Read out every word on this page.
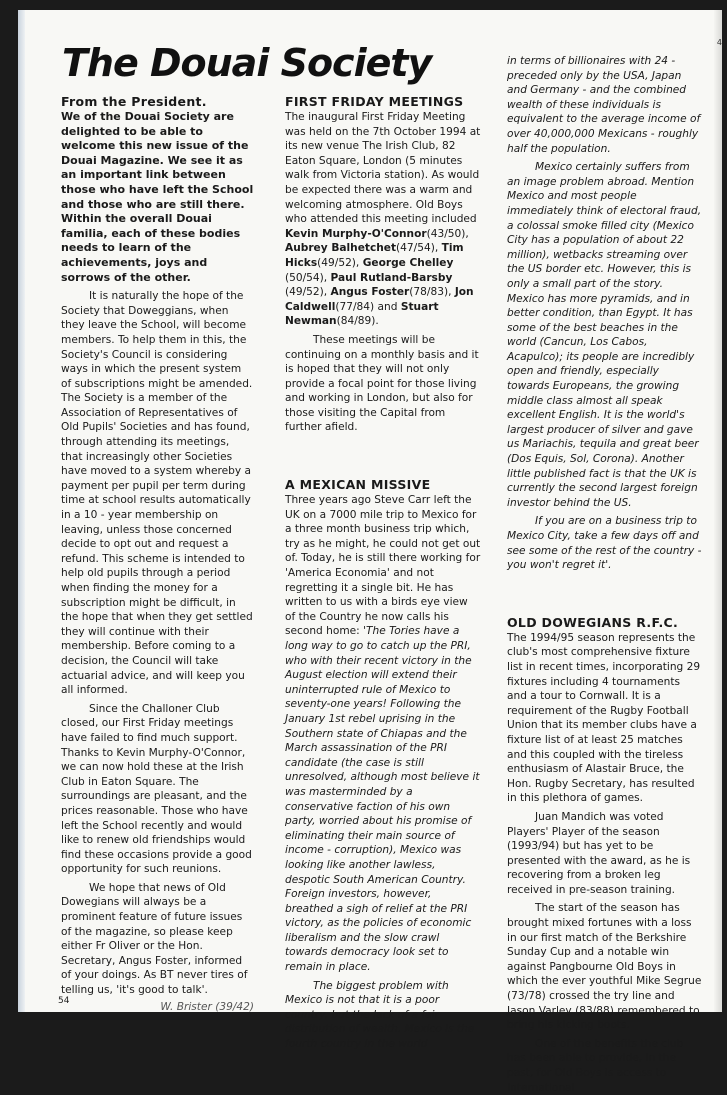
4
The Douai Society

From the President.

We of the Douai Society are delighted to be able to welcome this new issue of the Douai Magazine. We see it as an important link between those who have left the School and those who are still there. Within the overall Douai familia, each of these bodies needs to learn of the achievements, joys and sorrows of the other.

It is naturally the hope of the Society that Doweggians, when they leave the School, will become members. To help them in this, the Society's Council is considering ways in which the present system of subscriptions might be amended. The Society is a member of the Association of Representatives of Old Pupils' Societies and has found, through attending its meetings, that increasingly other Societies have moved to a system whereby a payment per pupil per term during time at school results automatically in a 10 - year membership on leaving, unless those concerned decide to opt out and request a refund. This scheme is intended to help old pupils through a period when finding the money for a subscription might be difficult, in the hope that when they get settled they will continue with their membership. Before coming to a decision, the Council will take actuarial advice, and will keep you all informed.

Since the Challoner Club closed, our First Friday meetings have failed to find much support. Thanks to Kevin Murphy-O'Connor, we can now hold these at the Irish Club in Eaton Square. The surroundings are pleasant, and the prices reasonable. Those who have left the School recently and would like to renew old friendships would find these occasions provide a good opportunity for such reunions.

We hope that news of Old Dowegians will always be a prominent feature of future issues of the magazine, so please keep either Fr Oliver or the Hon. Secretary, Angus Foster, informed of your doings. As BT never tires of telling us, 'it's good to talk'.

W. Brister (39/42)

FIRST FRIDAY MEETINGS

The inaugural First Friday Meeting was held on the 7th October 1994 at its new venue The Irish Club, 82 Eaton Square, London (5 minutes walk from Victoria station). As would be expected there was a warm and welcoming atmosphere. Old Boys who attended this meeting included Kevin Murphy-O'Connor(43/50), Aubrey Balhetchet(47/54), Tim Hicks(49/52), George Chelley (50/54), Paul Rutland-Barsby (49/52), Angus Foster(78/83), Jon Caldwell(77/84) and Stuart Newman(84/89).

These meetings will be continuing on a monthly basis and it is hoped that they will not only provide a focal point for those living and working in London, but also for those visiting the Capital from further afield.

A MEXICAN MISSIVE

Three years ago Steve Carr left the UK on a 7000 mile trip to Mexico for a three month business trip which, try as he might, he could not get out of. Today, he is still there working for 'America Economia' and not regretting it a single bit. He has written to us with a birds eye view of the Country he now calls his second home: 'The Tories have a long way to go to catch up the PRI, who with their recent victory in the August election will extend their uninterrupted rule of Mexico to seventy-one years! Following the January 1st rebel uprising in the Southern state of Chiapas and the March assassination of the PRI candidate (the case is still unresolved, although most believe it was masterminded by a conservative faction of his own party, worried about his promise of eliminating their main source of income - corruption), Mexico was looking like another lawless, despotic South American Country. Foreign investors, however, breathed a sigh of relief at the PRI victory, as the policies of economic liberalism and the slow crawl towards democracy look set to remain in place.

The biggest problem with Mexico is not that it is a poor country, but the lack of a fair distribution of wealth. Mexico is the fourth country in the world

in terms of billionaires with 24 - preceded only by the USA, Japan and Germany - and the combined wealth of these individuals is equivalent to the average income of over 40,000,000 Mexicans - roughly half the population.

Mexico certainly suffers from an image problem abroad. Mention Mexico and most people immediately think of electoral fraud, a colossal smoke filled city (Mexico City has a population of about 22 million), wetbacks streaming over the US border etc. However, this is only a small part of the story. Mexico has more pyramids, and in better condition, than Egypt. It has some of the best beaches in the world (Cancun, Los Cabos, Acapulco); its people are incredibly open and friendly, especially towards Europeans, the growing middle class almost all speak excellent English. It is the world's largest producer of silver and gave us Mariachis, tequila and great beer (Dos Equis, Sol, Corona). Another little published fact is that the UK is currently the second largest foreign investor behind the US.

If you are on a business trip to Mexico City, take a few days off and see some of the rest of the country - you won't regret it'.

OLD DOWEGIANS R.F.C.

The 1994/95 season represents the club's most comprehensive fixture list in recent times, incorporating 29 fixtures including 4 tournaments and a tour to Cornwall. It is a requirement of the Rugby Football Union that its member clubs have a fixture list of at least 25 matches and this coupled with the tireless enthusiasm of Alastair Bruce, the Hon. Rugby Secretary, has resulted in this plethora of games.

Juan Mandich was voted Players' Player of the season (1993/94) but has yet to be presented with the award, as he is recovering from a broken leg received in pre-season training.

The start of the season has brought mixed fortunes with a loss in our first match of the Berkshire Sunday Cup and a notable win against Pangbourne Old Boys in which the ever youthful Mike Segrue (73/78) crossed the try line and Jason Varley (83/88) remembered to bring his kicking boots.

One of the benefits the club has been able to provide, in the past, for Old Boys is access to International

54
